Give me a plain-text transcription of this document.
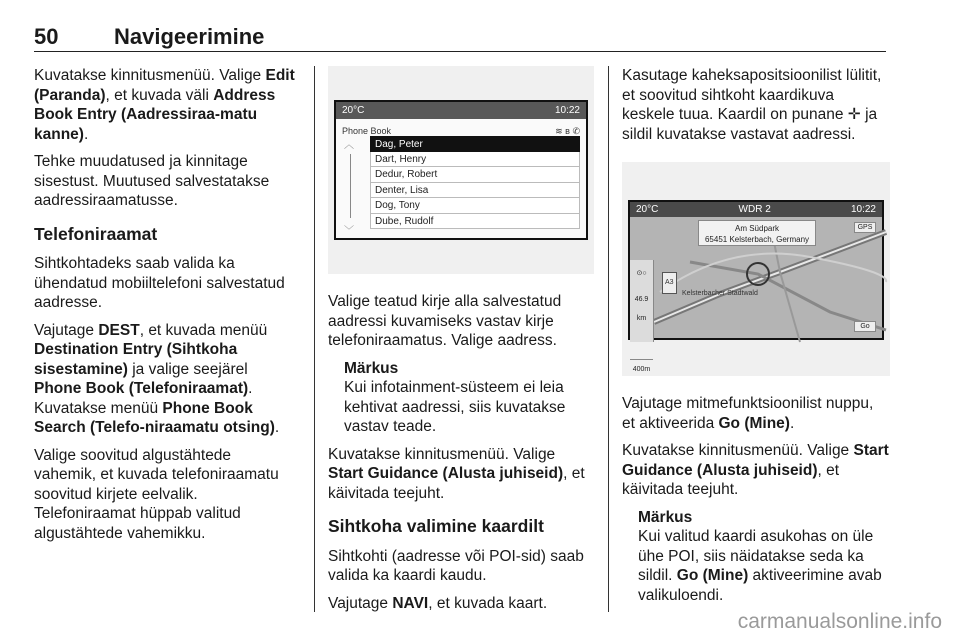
50	Navigeerimine

Kuvatakse kinnitusmenüü. Valige Edit (Paranda), et kuvada väli Address Book Entry (Aadressiraa-matu kanne).

Tehke muudatused ja kinnitage sisestust. Muutused salvestatakse aadressiraamatusse.

Telefoniraamat

Sihtkohtadeks saab valida ka ühendatud mobiiltelefoni salvestatud aadresse.

Vajutage DEST, et kuvada menüü Destination Entry (Sihtkoha sisestamine) ja valige seejärel Phone Book (Telefoniraamat). Kuvatakse menüü Phone Book Search (Telefo-niraamatu otsing).

Valige soovitud algustähtede vahemik, et kuvada telefoniraamatu soovitud kirjete eelvalik.

Telefoniraamat hüppab valitud algustähtede vahemikku.

20°C	10:22
Phone Book	≋ ʙ ✆
︿
﹀
Dag, Peter
Dart, Henry
Dedur, Robert
Denter, Lisa
Dog, Tony
Dube, Rudolf

Valige teatud kirje alla salvestatud aadressi kuvamiseks vastav kirje telefoniraamatus. Valige aadress.

Märkus
Kui infotainment-süsteem ei leia kehtivat aadressi, siis kuvatakse vastav teade.

Kuvatakse kinnitusmenüü. Valige Start Guidance (Alusta juhiseid), et käivitada teejuht.

Sihtkoha valimine kaardilt

Sihtkohti (aadresse või POI-sid) saab valida ka kaardi kaudu.

Vajutage NAVI, et kuvada kaart.

Kasutage kaheksapositsioonilist lülitit, et soovitud sihtkoht kaardikuva keskele tuua. Kaardil on punane ✛ ja sildil kuvatakse vastavat aadressi.

20°C	WDR 2	10:22
Am Südpark
65451 Kelsterbach, Germany
GPS
A3
Kelsterbacher Stadtwald
⊙○
46.9 km
400m
Go

Vajutage mitmefunktsioonilist nuppu, et aktiveerida Go (Mine).

Kuvatakse kinnitusmenüü. Valige Start Guidance (Alusta juhiseid), et käivitada teejuht.

Märkus
Kui valitud kaardi asukohas on üle ühe POI, siis näidatakse seda ka sildil. Go (Mine) aktiveerimine avab valikuloendi.
carmanualsonline.info
